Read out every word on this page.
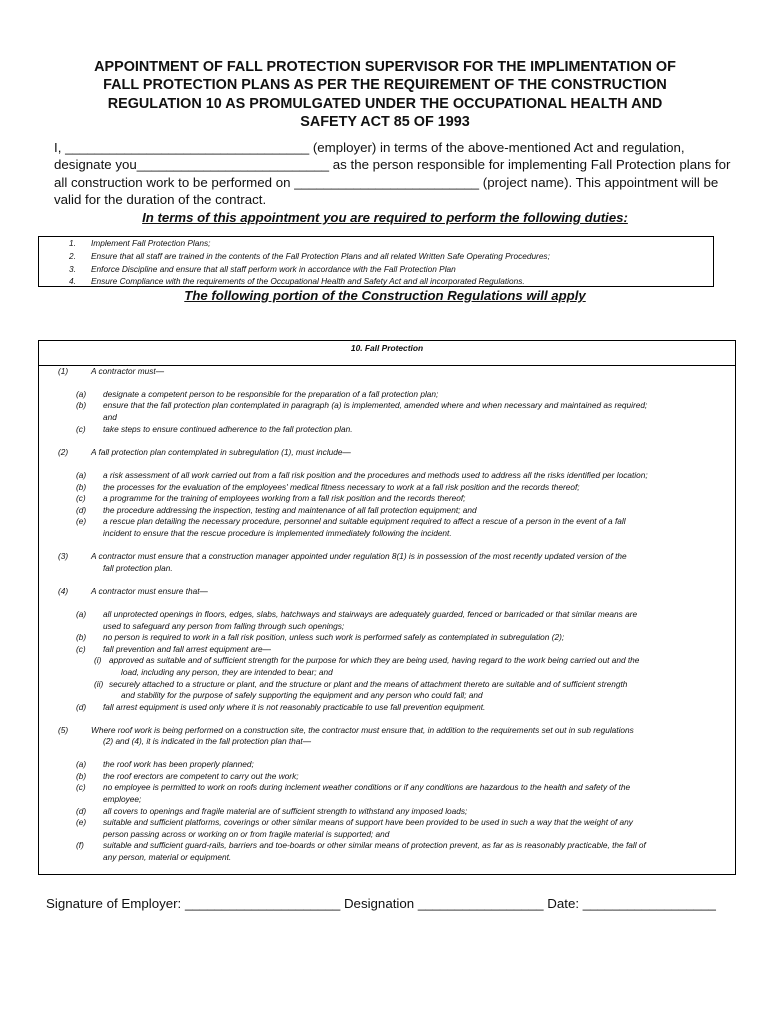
APPOINTMENT OF FALL PROTECTION SUPERVISOR FOR THE IMPLIMENTATION OF
FALL PROTECTION PLANS AS PER THE REQUIREMENT OF THE CONSTRUCTION
REGULATION 10 AS PROMULGATED UNDER THE OCCUPATIONAL HEALTH AND
SAFETY ACT 85 OF 1993
I, _________________________________ (employer) in terms of the above-mentioned Act and regulation,
designate you__________________________ as the person responsible for implementing Fall Protection plans for
all construction work to be performed on _________________________ (project name). This appointment will be
valid for the duration of the contract.
In terms of this appointment you are required to perform the following duties:
1. Implement Fall Protection Plans;
2. Ensure that all staff are trained in the contents of the Fall Protection Plans and all related Written Safe Operating Procedures;
3. Enforce Discipline and ensure that all staff perform work in accordance with the Fall Protection Plan
4. Ensure Compliance with the requirements of the Occupational Health and Safety Act and all incorporated Regulations.
The following portion of the Construction Regulations will apply
10. Fall Protection
(1)	A contractor must—
(a) designate a competent person to be responsible for the preparation of a fall protection plan;
(b) ensure that the fall protection plan contemplated in paragraph (a) is implemented, amended where and when necessary and maintained as required;
and
(c) take steps to ensure continued adherence to the fall protection plan.
(2)	A fall protection plan contemplated in subregulation (1), must include—
(a) a risk assessment of all work carried out from a fall risk position and the procedures and methods used to address all the risks identified per location;
(b) the processes for the evaluation of the employees' medical fitness necessary to work at a fall risk position and the records thereof;
(c) a programme for the training of employees working from a fall risk position and the records thereof;
(d) the procedure addressing the inspection, testing and maintenance of all fall protection equipment; and
(e) a rescue plan detailing the necessary procedure, personnel and suitable equipment required to affect a rescue of a person in the event of a fall
incident to ensure that the rescue procedure is implemented immediately following the incident.
(3)	A contractor must ensure that a construction manager appointed under regulation 8(1) is in possession of the most recently updated version of the
fall protection plan.
(4)	A contractor must ensure that—
(a) all unprotected openings in floors, edges, slabs, hatchways and stairways are adequately guarded, fenced or barricaded or that similar means are
used to safeguard any person from falling through such openings;
(b) no person is required to work in a fall risk position, unless such work is performed safely as contemplated in subregulation (2);
(c) fall prevention and fall arrest equipment are—
(i) approved as suitable and of sufficient strength for the purpose for which they are being used, having regard to the work being carried out and the
load, including any person, they are intended to bear; and
(ii) securely attached to a structure or plant, and the structure or plant and the means of attachment thereto are suitable and of sufficient strength
and stability for the purpose of safely supporting the equipment and any person who could fall; and
(d) fall arrest equipment is used only where it is not reasonably practicable to use fall prevention equipment.
(5)	Where roof work is being performed on a construction site, the contractor must ensure that, in addition to the requirements set out in sub regulations
(2) and (4), it is indicated in the fall protection plan that—
(a) the roof work has been properly planned;
(b) the roof erectors are competent to carry out the work;
(c) no employee is permitted to work on roofs during inclement weather conditions or if any conditions are hazardous to the health and safety of the
employee;
(d) all covers to openings and fragile material are of sufficient strength to withstand any imposed loads;
(e) suitable and sufficient platforms, coverings or other similar means of support have been provided to be used in such a way that the weight of any
person passing across or working on or from fragile material is supported; and
(f) suitable and sufficient guard-rails, barriers and toe-boards or other similar means of protection prevent, as far as is reasonably practicable, the fall of
any person, material or equipment.
Signature of Employer: _____________________ Designation _________________ Date: __________________
